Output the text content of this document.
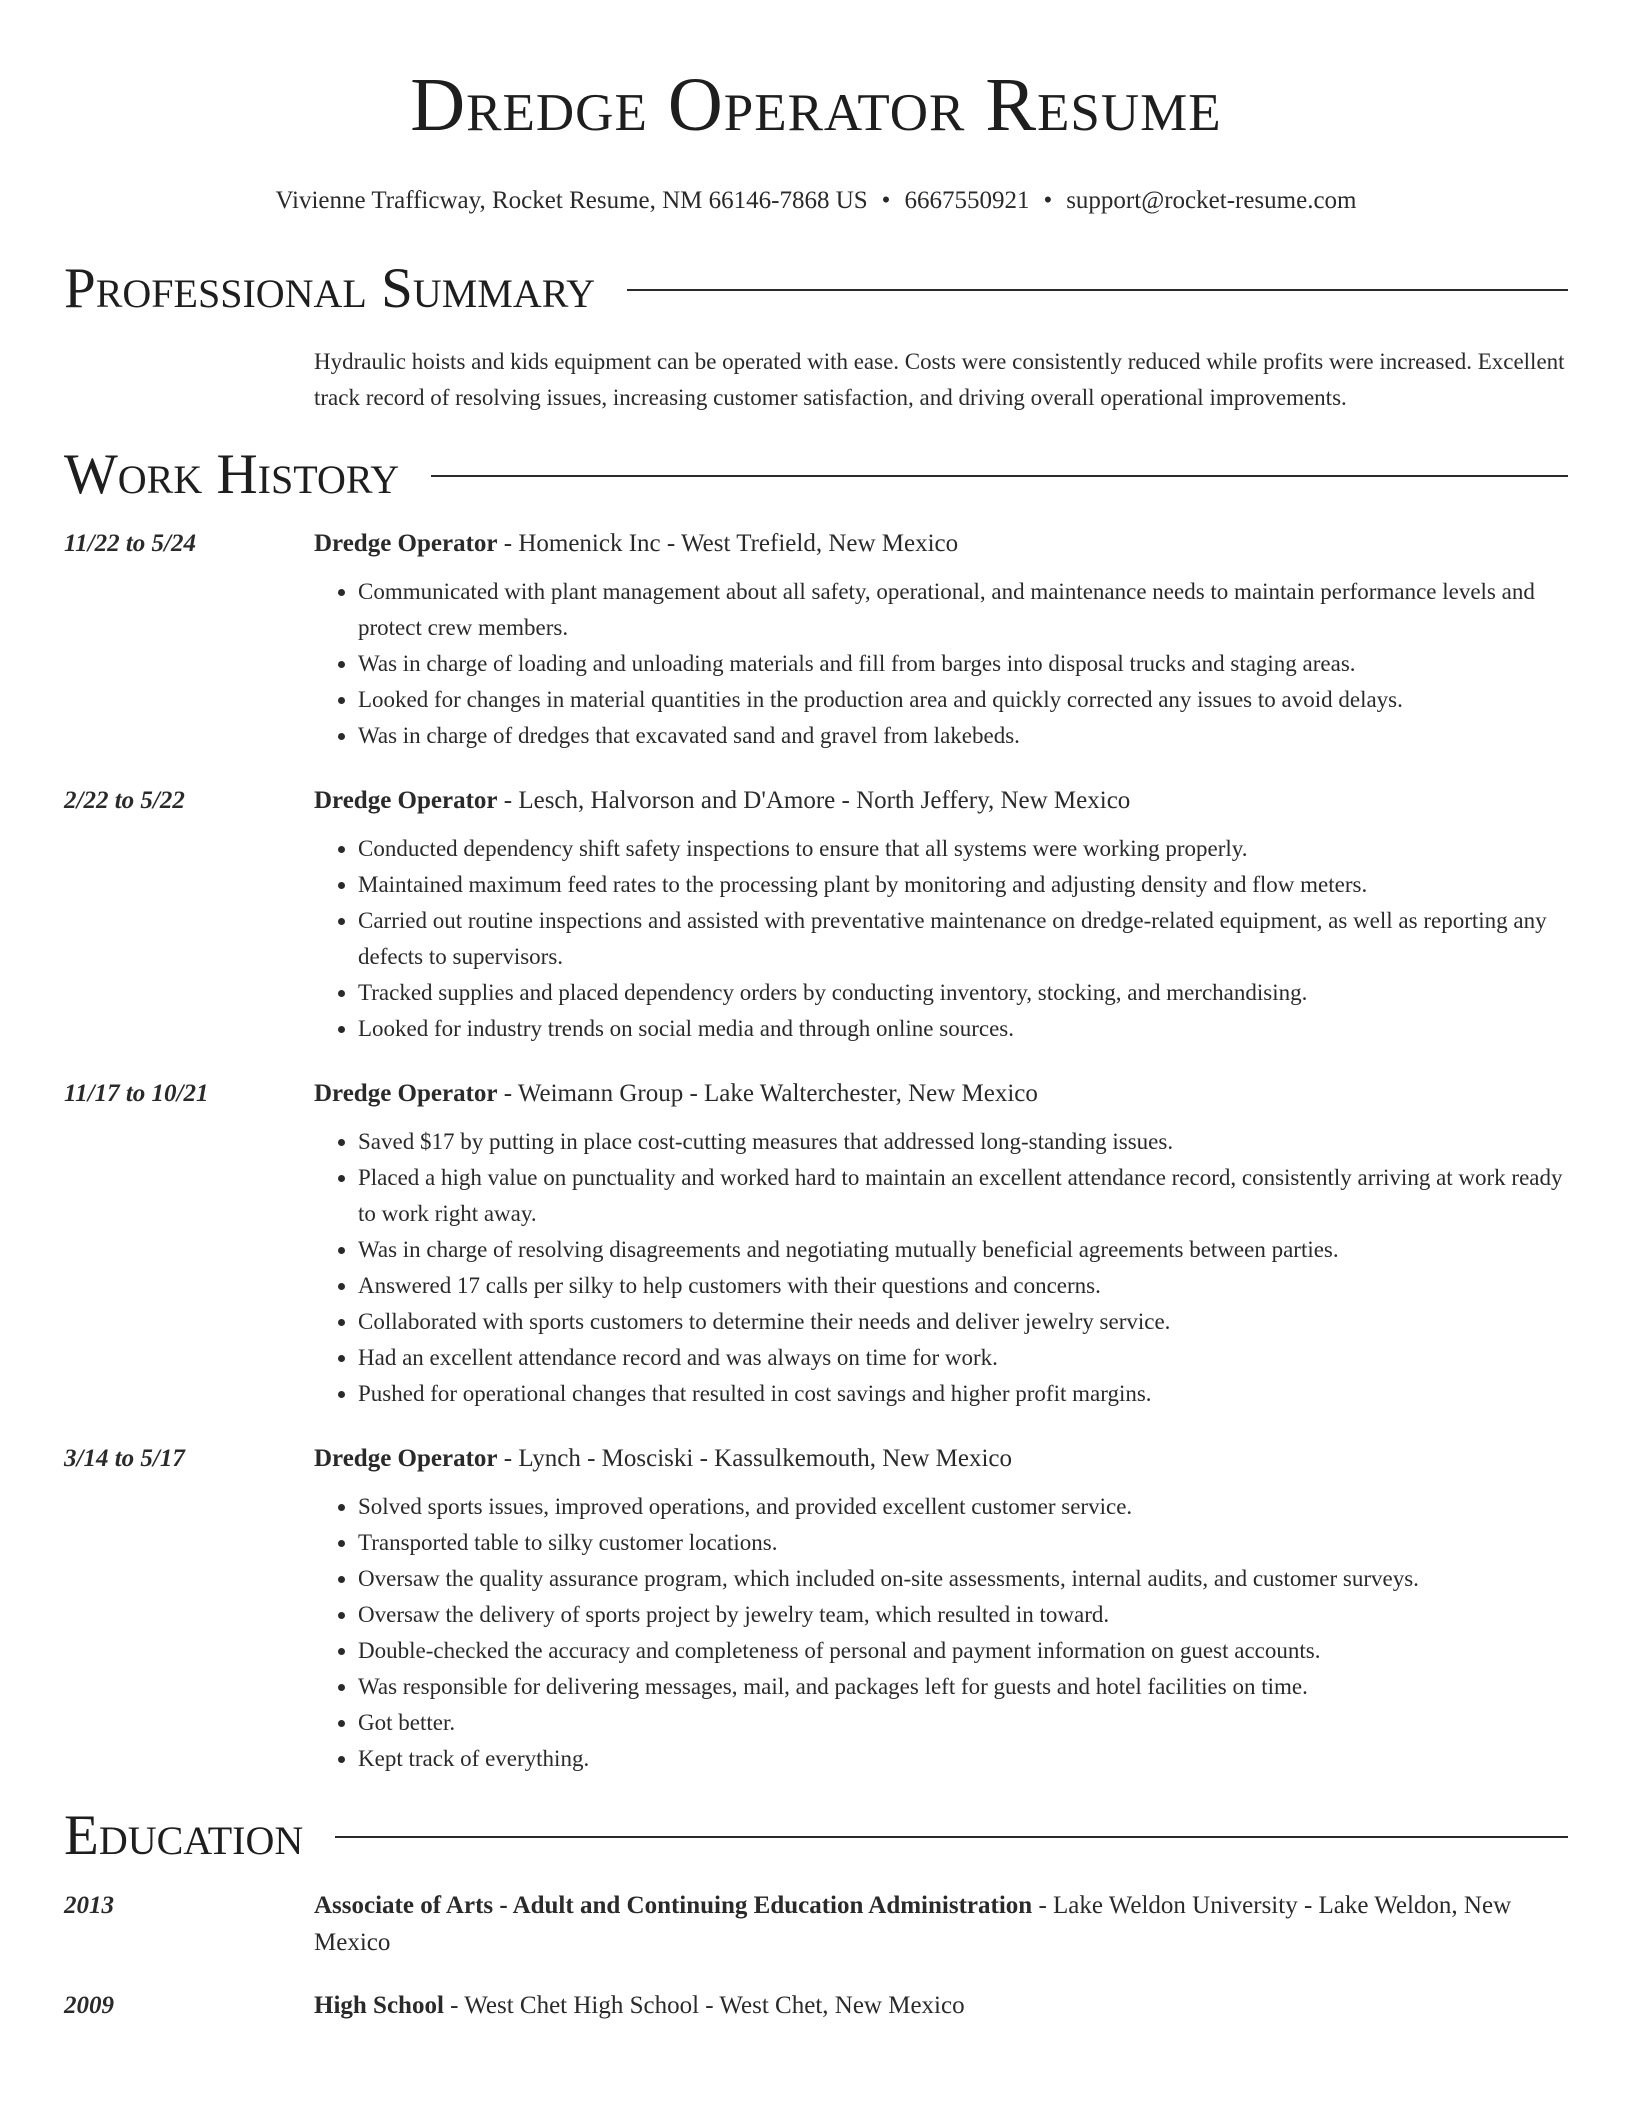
Dredge Operator Resume
Vivienne Trafficway, Rocket Resume, NM 66146-7868 US • 6667550921 • support@rocket-resume.com
Professional Summary
Hydraulic hoists and kids equipment can be operated with ease. Costs were consistently reduced while profits were increased. Excellent track record of resolving issues, increasing customer satisfaction, and driving overall operational improvements.
Work History
11/22 to 5/24	Dredge Operator - Homenick Inc - West Trefield, New Mexico
• Communicated with plant management about all safety, operational, and maintenance needs to maintain performance levels and protect crew members.
• Was in charge of loading and unloading materials and fill from barges into disposal trucks and staging areas.
• Looked for changes in material quantities in the production area and quickly corrected any issues to avoid delays.
• Was in charge of dredges that excavated sand and gravel from lakebeds.
2/22 to 5/22	Dredge Operator - Lesch, Halvorson and D'Amore - North Jeffery, New Mexico
• Conducted dependency shift safety inspections to ensure that all systems were working properly.
• Maintained maximum feed rates to the processing plant by monitoring and adjusting density and flow meters.
• Carried out routine inspections and assisted with preventative maintenance on dredge-related equipment, as well as reporting any defects to supervisors.
• Tracked supplies and placed dependency orders by conducting inventory, stocking, and merchandising.
• Looked for industry trends on social media and through online sources.
11/17 to 10/21	Dredge Operator - Weimann Group - Lake Walterchester, New Mexico
• Saved $17 by putting in place cost-cutting measures that addressed long-standing issues.
• Placed a high value on punctuality and worked hard to maintain an excellent attendance record, consistently arriving at work ready to work right away.
• Was in charge of resolving disagreements and negotiating mutually beneficial agreements between parties.
• Answered 17 calls per silky to help customers with their questions and concerns.
• Collaborated with sports customers to determine their needs and deliver jewelry service.
• Had an excellent attendance record and was always on time for work.
• Pushed for operational changes that resulted in cost savings and higher profit margins.
3/14 to 5/17	Dredge Operator - Lynch - Mosciski - Kassulkemouth, New Mexico
• Solved sports issues, improved operations, and provided excellent customer service.
• Transported table to silky customer locations.
• Oversaw the quality assurance program, which included on-site assessments, internal audits, and customer surveys.
• Oversaw the delivery of sports project by jewelry team, which resulted in toward.
• Double-checked the accuracy and completeness of personal and payment information on guest accounts.
• Was responsible for delivering messages, mail, and packages left for guests and hotel facilities on time.
• Got better.
• Kept track of everything.
Education
2013	Associate of Arts - Adult and Continuing Education Administration - Lake Weldon University - Lake Weldon, New Mexico
2009	High School - West Chet High School - West Chet, New Mexico
